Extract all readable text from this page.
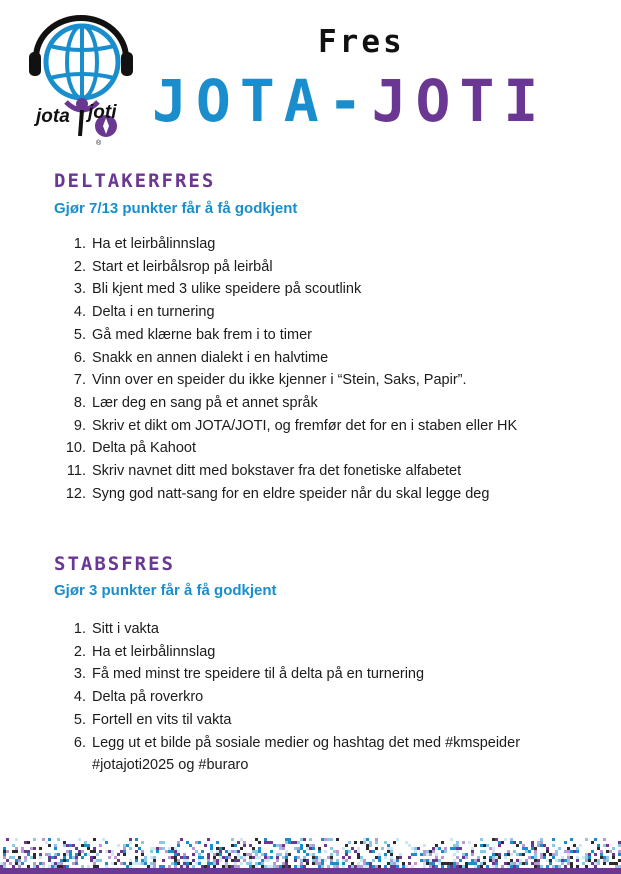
jota joti
®
Fres
JOTA-JOTI
DELTAKERFRES
Gjør 7/13 punkter får å få godkjent
1. Ha et leirbålinnslag
2. Start et leirbålsrop på leirbål
3. Bli kjent med 3 ulike speidere på scoutlink
4. Delta i en turnering
5. Gå med klærne bak frem i to timer
6. Snakk en annen dialekt i en halvtime
7. Vinn over en speider du ikke kjenner i “Stein, Saks, Papir”.
8. Lær deg en sang på et annet språk
9. Skriv et dikt om JOTA/JOTI, og fremfør det for en i staben eller HK
10. Delta på Kahoot
11. Skriv navnet ditt med bokstaver fra det fonetiske alfabetet
12. Syng god natt-sang for en eldre speider når du skal legge deg
STABSFRES
Gjør 3 punkter får å få godkjent
1. Sitt i vakta
2. Ha et leirbålinnslag
3. Få med minst tre speidere til å delta på en turnering
4. Delta på roverkro
5. Fortell en vits til vakta
6. Legg ut et bilde på sosiale medier og hashtag det med #kmspeider #jotajoti2025 og #buraro
